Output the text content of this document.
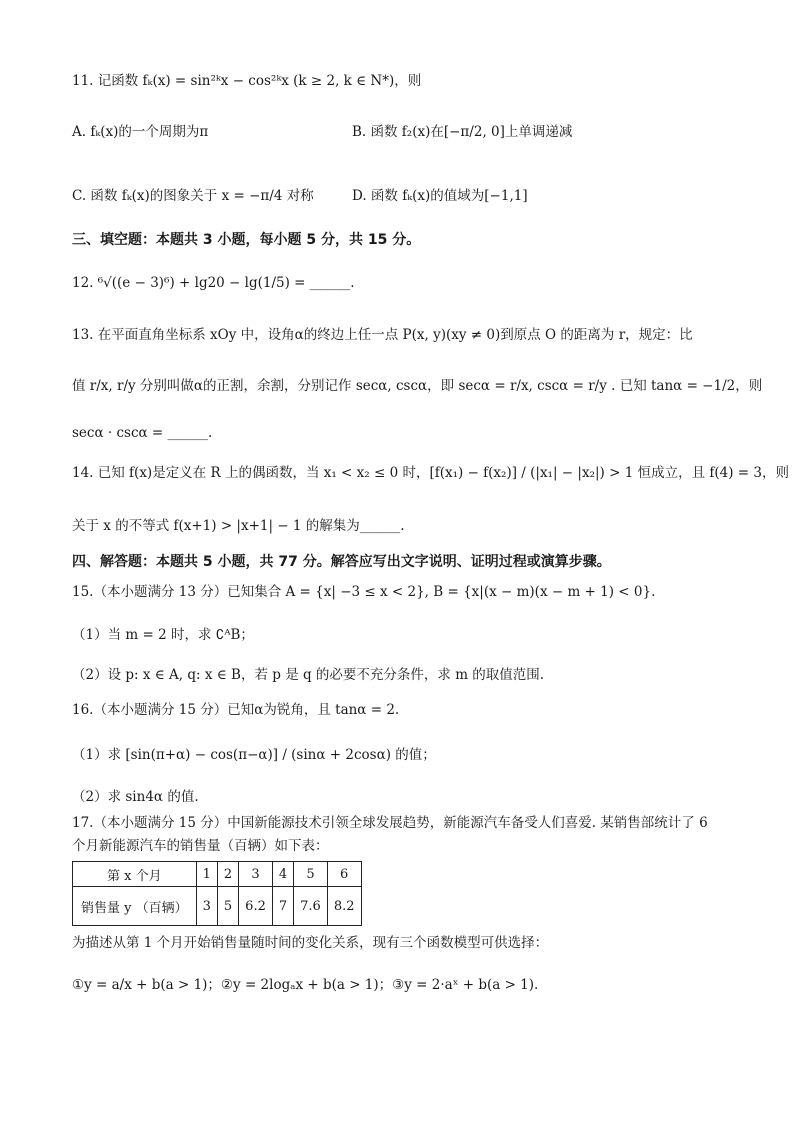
11. 记函数 fₖ(x) = sin²ᵏx − cos²ᵏx (k ≥ 2, k ∈ N*)，则
A. fₖ(x)的一个周期为π	B. 函数 f₂(x)在[−π/2, 0]上单调递减
C. 函数 fₖ(x)的图象关于 x = −π/4 对称	D. 函数 fₖ(x)的值域为[−1,1]
三、填空题：本题共 3 小题，每小题 5 分，共 15 分。
12. ⁶√((e − 3)⁶) + lg20 − lg(1/5) = ______.
13. 在平面直角坐标系 xOy 中，设角α的终边上任一点 P(x, y)(xy ≠ 0)到原点 O 的距离为 r，规定：比
值 r/x, r/y 分别叫做α的正割，余割，分别记作 secα, cscα，即 secα = r/x, cscα = r/y . 已知 tanα = −1/2，则
secα · cscα = ______.
14. 已知 f(x)是定义在 R 上的偶函数，当 x₁ < x₂ ≤ 0 时，[f(x₁) − f(x₂)] / (|x₁| − |x₂|) > 1 恒成立，且 f(4) = 3，则
关于 x 的不等式 f(x+1) > |x+1| − 1 的解集为______.
四、解答题：本题共 5 小题，共 77 分。解答应写出文字说明、证明过程或演算步骤。
15.（本小题满分 13 分）已知集合 A = {x| −3 ≤ x < 2}, B = {x|(x − m)(x − m + 1) < 0}.
（1）当 m = 2 时，求 ∁ᴬB；
（2）设 p: x ∈ A, q: x ∈ B，若 p 是 q 的必要不充分条件，求 m 的取值范围.
16.（本小题满分 15 分）已知α为锐角，且 tanα = 2.
（1）求 [sin(π+α) − cos(π−α)] / (sinα + 2cosα) 的值；
（2）求 sin4α 的值.
17.（本小题满分 15 分）中国新能源技术引领全球发展趋势，新能源汽车备受人们喜爱. 某销售部统计了 6
个月新能源汽车的销售量（百辆）如下表：
第 x 个月	1	2	3	4	5	6
销售量 y （百辆）	3	5	6.2	7	7.6	8.2
为描述从第 1 个月开始销售量随时间的变化关系，现有三个函数模型可供选择：
①y = a/x + b(a > 1)；②y = 2logₐx + b(a > 1)；③y = 2·aˣ + b(a > 1).
